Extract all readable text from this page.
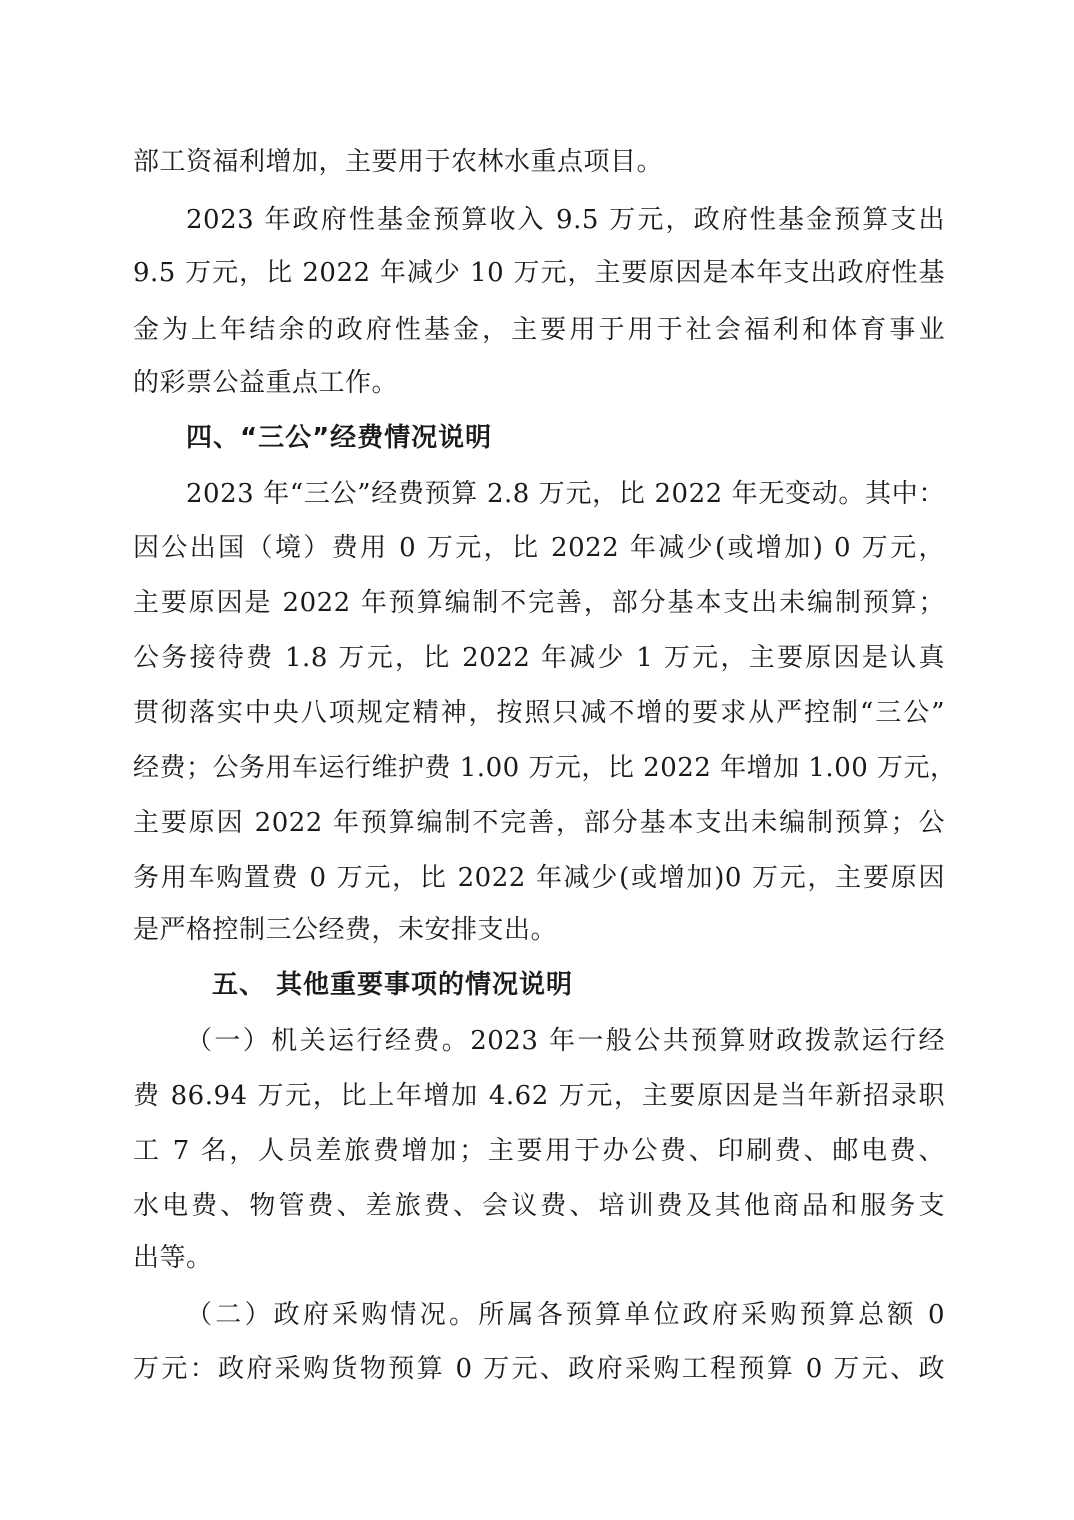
部工资福利增加，主要用于农林水重点项目。
2023 年政府性基金预算收入 9.5 万元，政府性基金预算支出
9.5 万元，比 2022 年减少 10 万元，主要原因是本年支出政府性基
金为上年结余的政府性基金，主要用于用于社会福利和体育事业
的彩票公益重点工作。
四、“三公”经费情况说明
2023 年“三公”经费预算 2.8 万元，比 2022 年无变动。其中：
因公出国（境）费用 0 万元，比 2022 年减少(或增加) 0 万元，
主要原因是 2022 年预算编制不完善，部分基本支出未编制预算；
公务接待费 1.8 万元，比 2022 年减少 1 万元，主要原因是认真
贯彻落实中央八项规定精神，按照只减不增的要求从严控制“三公”
经费；公务用车运行维护费 1.00 万元，比 2022 年增加 1.00 万元，
主要原因 2022 年预算编制不完善，部分基本支出未编制预算；公
务用车购置费 0 万元，比 2022 年减少(或增加)0 万元，主要原因
是严格控制三公经费，未安排支出。
五、 其他重要事项的情况说明
（一）机关运行经费。2023 年一般公共预算财政拨款运行经
费 86.94 万元，比上年增加 4.62 万元，主要原因是当年新招录职
工 7 名，人员差旅费增加；主要用于办公费、印刷费、邮电费、
水电费、物管费、差旅费、会议费、培训费及其他商品和服务支
出等。
（二）政府采购情况。所属各预算单位政府采购预算总额 0
万元：政府采购货物预算 0 万元、政府采购工程预算 0 万元、政
